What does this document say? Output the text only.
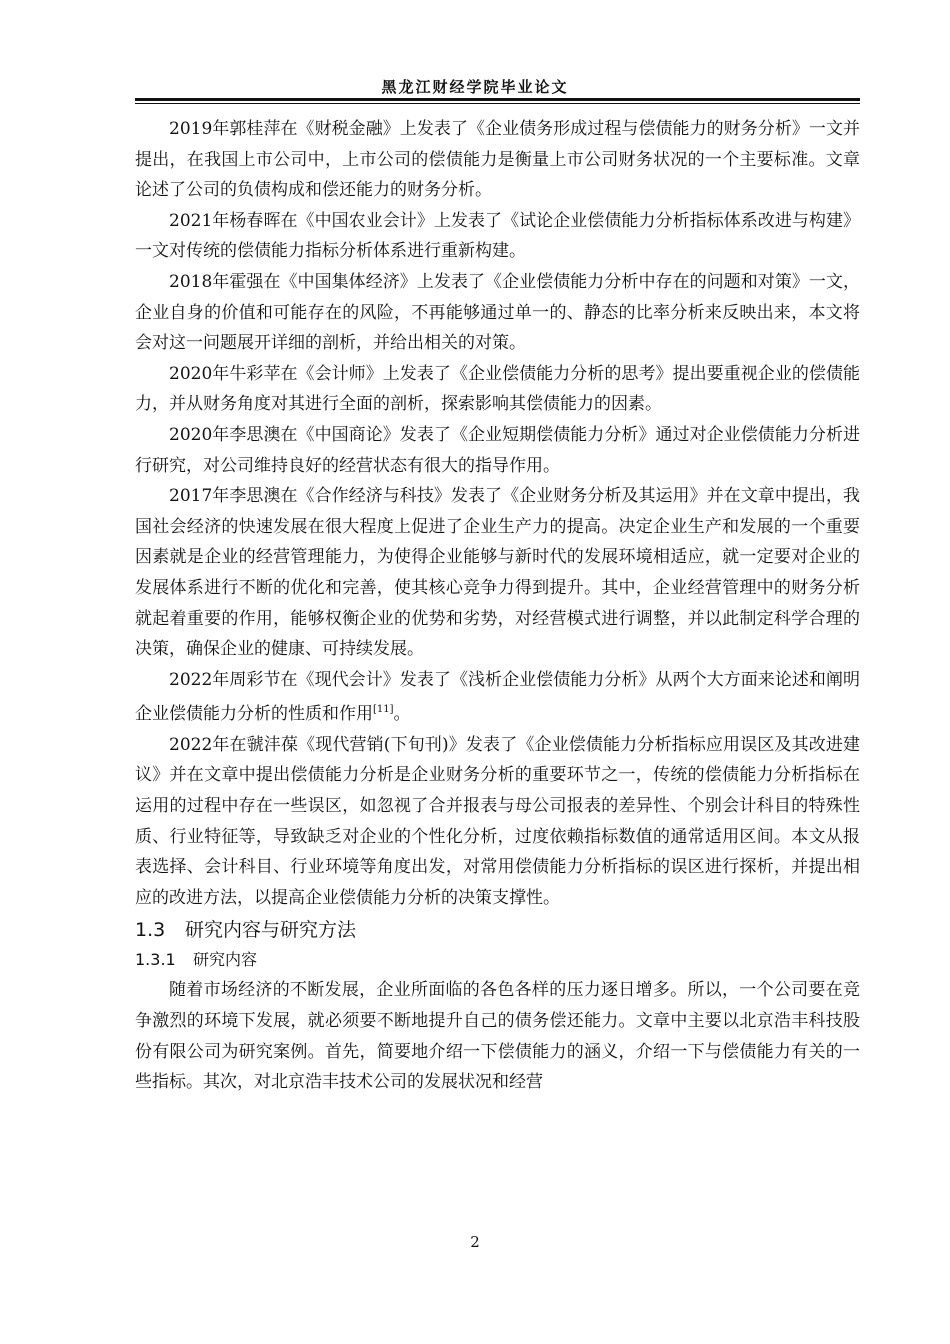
黑龙江财经学院毕业论文

2019年郭桂萍在《财税金融》上发表了《企业债务形成过程与偿债能力的财务分析》一文并提出，在我国上市公司中，上市公司的偿债能力是衡量上市公司财务状况的一个主要标准。文章论述了公司的负债构成和偿还能力的财务分析。

2021年杨春晖在《中国农业会计》上发表了《试论企业偿债能力分析指标体系改进与构建》一文对传统的偿债能力指标分析体系进行重新构建。

2018年霍强在《中国集体经济》上发表了《企业偿债能力分析中存在的问题和对策》一文，企业自身的价值和可能存在的风险，不再能够通过单一的、静态的比率分析来反映出来，本文将会对这一问题展开详细的剖析，并给出相关的对策。

2020年牛彩苹在《会计师》上发表了《企业偿债能力分析的思考》提出要重视企业的偿债能力，并从财务角度对其进行全面的剖析，探索影响其偿债能力的因素。

2020年李思澳在《中国商论》发表了《企业短期偿债能力分析》通过对企业偿债能力分析进行研究，对公司维持良好的经营状态有很大的指导作用。

2017年李思澳在《合作经济与科技》发表了《企业财务分析及其运用》并在文章中提出，我国社会经济的快速发展在很大程度上促进了企业生产力的提高。决定企业生产和发展的一个重要因素就是企业的经营管理能力，为使得企业能够与新时代的发展环境相适应，就一定要对企业的发展体系进行不断的优化和完善，使其核心竞争力得到提升。其中，企业经营管理中的财务分析就起着重要的作用，能够权衡企业的优势和劣势，对经营模式进行调整，并以此制定科学合理的决策，确保企业的健康、可持续发展。

2022年周彩节在《现代会计》发表了《浅析企业偿债能力分析》从两个大方面来论述和阐明企业偿债能力分析的性质和作用[11]。

2022年在虢沣葆《现代营销(下旬刊)》发表了《企业偿债能力分析指标应用误区及其改进建议》并在文章中提出偿债能力分析是企业财务分析的重要环节之一，传统的偿债能力分析指标在运用的过程中存在一些误区，如忽视了合并报表与母公司报表的差异性、个别会计科目的特殊性质、行业特征等，导致缺乏对企业的个性化分析，过度依赖指标数值的通常适用区间。本文从报表选择、会计科目、行业环境等角度出发，对常用偿债能力分析指标的误区进行探析，并提出相应的改进方法，以提高企业偿债能力分析的决策支撑性。

1.3 研究内容与研究方法
1.3.1 研究内容

随着市场经济的不断发展，企业所面临的各色各样的压力逐日增多。所以，一个公司要在竞争激烈的环境下发展，就必须要不断地提升自己的债务偿还能力。文章中主要以北京浩丰科技股份有限公司为研究案例。首先，简要地介绍一下偿债能力的涵义，介绍一下与偿债能力有关的一些指标。其次，对北京浩丰技术公司的发展状况和经营

2
